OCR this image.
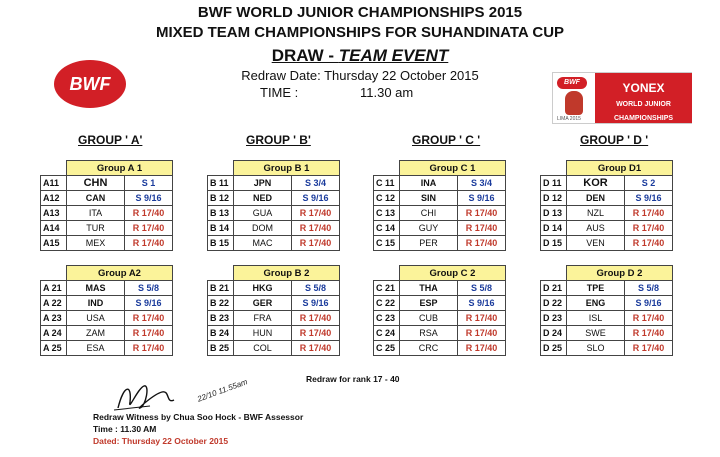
BWF WORLD JUNIOR CHAMPIONSHIPS 2015
MIXED TEAM CHAMPIONSHIPS FOR SUHANDINATA CUP
DRAW - TEAM EVENT
Redraw Date: Thursday 22 October 2015
TIME :	11.30 am
BWF	BWF
LIMA 2015
YONEX
WORLD JUNIOR
CHAMPIONSHIPS
GROUP ' A'	GROUP ' B'	GROUP ' C '	GROUP ' D '
	Group A 1	
A11	CHN	S 1
A12	CAN	S 9/16
A13	ITA	R 17/40
A14	TUR	R 17/40
A15	MEX	R 17/40
	Group B 1	
B 11	JPN	S 3/4
B 12	NED	S 9/16
B 13	GUA	R 17/40
B 14	DOM	R 17/40
B 15	MAC	R 17/40
	Group C 1	
C 11	INA	S 3/4
C 12	SIN	S 9/16
C 13	CHI	R 17/40
C 14	GUY	R 17/40
C 15	PER	R 17/40
	Group D1	
D 11	KOR	S 2
D 12	DEN	S 9/16
D 13	NZL	R 17/40
D 14	AUS	R 17/40
D 15	VEN	R 17/40
	Group A2	
A 21	MAS	S 5/8
A 22	IND	S 9/16
A 23	USA	R 17/40
A 24	ZAM	R 17/40
A 25	ESA	R 17/40
	Group B 2	
B 21	HKG	S 5/8
B 22	GER	S 9/16
B 23	FRA	R 17/40
B 24	HUN	R 17/40
B 25	COL	R 17/40
	Group C 2	
C 21	THA	S 5/8
C 22	ESP	S 9/16
C 23	CUB	R 17/40
C 24	RSA	R 17/40
C 25	CRC	R 17/40
	Group D 2	
D 21	TPE	S 5/8
D 22	ENG	S 9/16
D 23	ISL	R 17/40
D 24	SWE	R 17/40
D 25	SLO	R 17/40
Redraw for rank 17 - 40
22/10 11.55am
Redraw Witness by Chua Soo Hock - BWF Assessor
Time : 11.30 AM
Dated: Thursday 22 October 2015
